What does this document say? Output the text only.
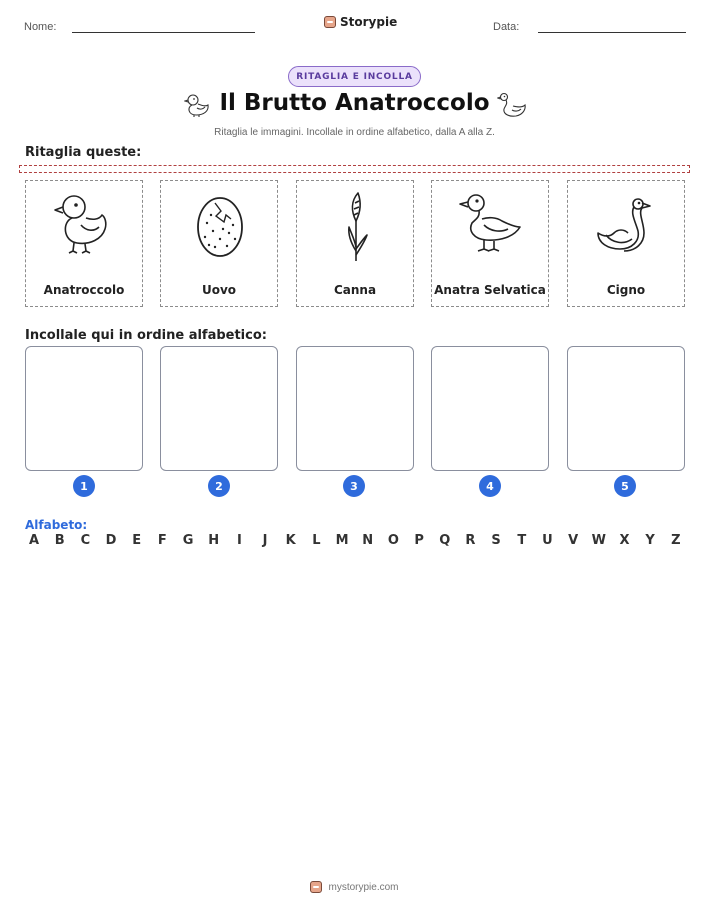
Nome:	Storypie	Data:
RITAGLIA E INCOLLA
Il Brutto Anatroccolo
Ritaglia le immagini. Incollale in ordine alfabetico, dalla A alla Z.
Ritaglia queste:
Anatroccolo	Uovo	Canna	Anatra Selvatica	Cigno
Incollale qui in ordine alfabetico:
1	2	3	4	5
Alfabeto:
A	B	C	D	E	F	G H	I	J	K	L	M N O	P	Q	R	S	T	U	V	W	X	Y	Z
mystorypie.com
